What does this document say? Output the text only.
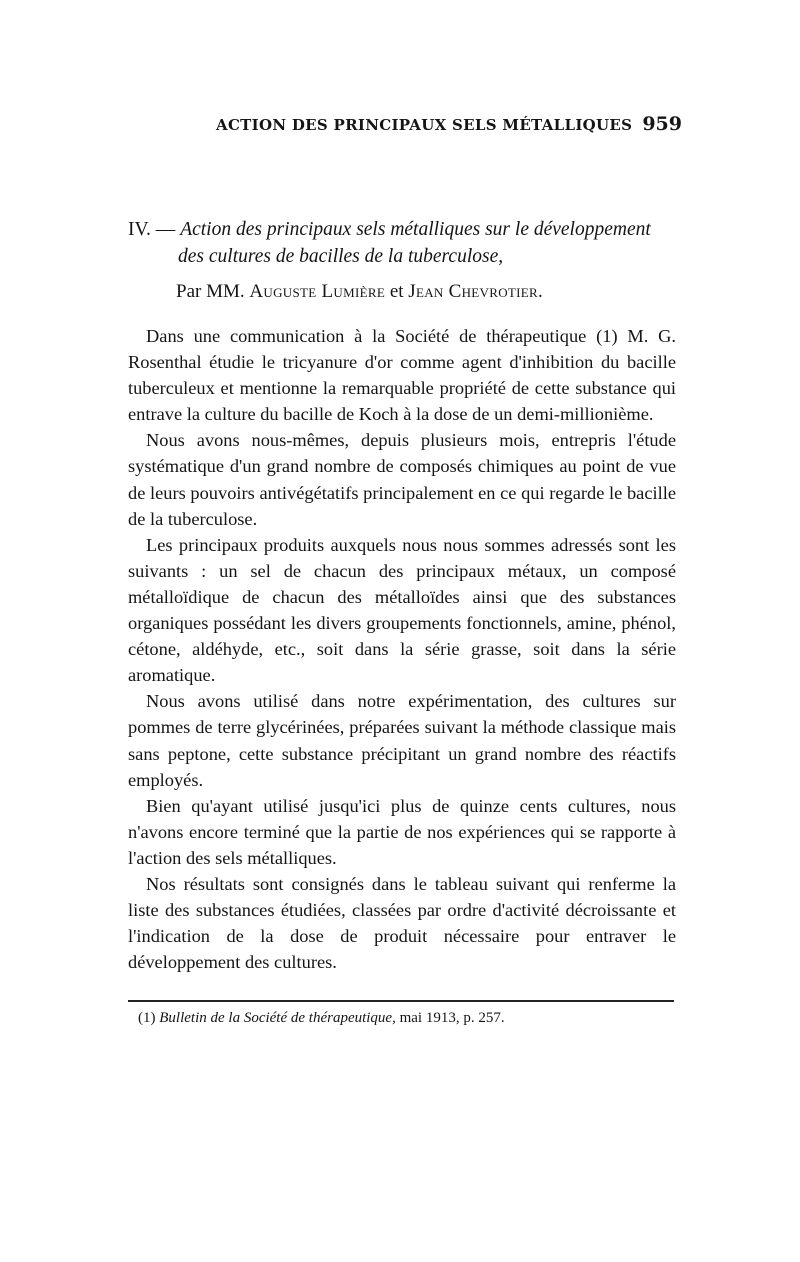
ACTION DES PRINCIPAUX SELS MÉTALLIQUES 959
IV. — Action des principaux sels métalliques sur le développement
des cultures de bacilles de la tuberculose,
Par MM. Auguste Lumière et Jean Chevrotier.

Dans une communication à la Société de thérapeutique (1) M. G. Rosenthal étudie le tricyanure d'or comme agent d'inhibition du bacille tuberculeux et mentionne la remarquable propriété de cette substance qui entrave la culture du bacille de Koch à la dose de un demi-millionième.

Nous avons nous-mêmes, depuis plusieurs mois, entrepris l'étude systématique d'un grand nombre de composés chimiques au point de vue de leurs pouvoirs antivégétatifs principalement en ce qui regarde le bacille de la tuberculose.

Les principaux produits auxquels nous nous sommes adressés sont les suivants : un sel de chacun des principaux métaux, un composé métalloïdique de chacun des métalloïdes ainsi que des substances organiques possédant les divers groupements fonctionnels, amine, phénol, cétone, aldéhyde, etc., soit dans la série grasse, soit dans la série aromatique.

Nous avons utilisé dans notre expérimentation, des cultures sur pommes de terre glycérinées, préparées suivant la méthode classique mais sans peptone, cette substance précipitant un grand nombre des réactifs employés.

Bien qu'ayant utilisé jusqu'ici plus de quinze cents cultures, nous n'avons encore terminé que la partie de nos expériences qui se rapporte à l'action des sels métalliques.

Nos résultats sont consignés dans le tableau suivant qui renferme la liste des substances étudiées, classées par ordre d'activité décroissante et l'indication de la dose de produit nécessaire pour entraver le développement des cultures.

(1) Bulletin de la Société de thérapeutique, mai 1913, p. 257.
